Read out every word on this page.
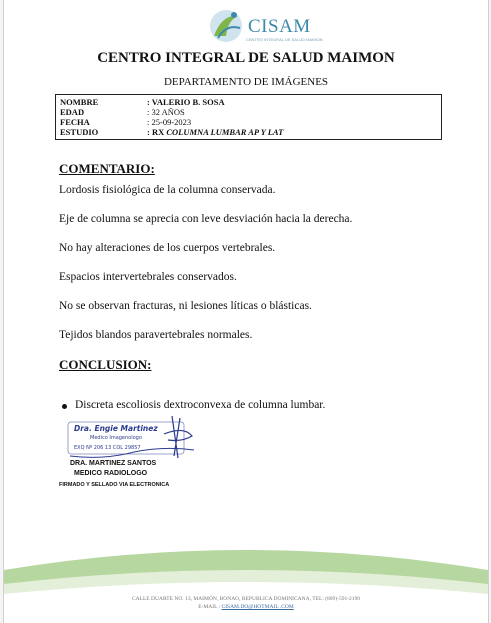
CISAM
CENTRO INTEGRAL DE SALUD MAIMON
CENTRO INTEGRAL DE SALUD MAIMON
DEPARTAMENTO DE IMÁGENES
NOMBRE	: VALERIO B. SOSA
EDAD	: 32 AÑOS
FECHA	: 25-09-2023
ESTUDIO	: RX COLUMNA LUMBAR AP Y LAT
COMENTARIO:
Lordosis fisiológica de la columna conservada.
Eje de columna se aprecia con leve desviación hacia la derecha.
No hay alteraciones de los cuerpos vertebrales.
Espacios intervertebrales conservados.
No se observan fracturas, ni lesiones líticas o blásticas.
Tejidos blandos paravertebrales normales.
CONCLUSION:
Discreta escoliosis dextroconvexa de columna lumbar.
Dra. Engie Martinez
Medico Imagenologo
EXQ Nº 206 13 COL 29857
DRA. MARTINEZ SANTOS
MEDICO RADIOLOGO
FIRMADO Y SELLADO VIA ELECTRONICA
CALLE DUARTE NO. 13, MAIMÓN, BONAO, REPUBLICA DOMINICANA, TEL: (809)-591-2190
E-MAIL : CISAM.DO@HOTMAIL .COM
